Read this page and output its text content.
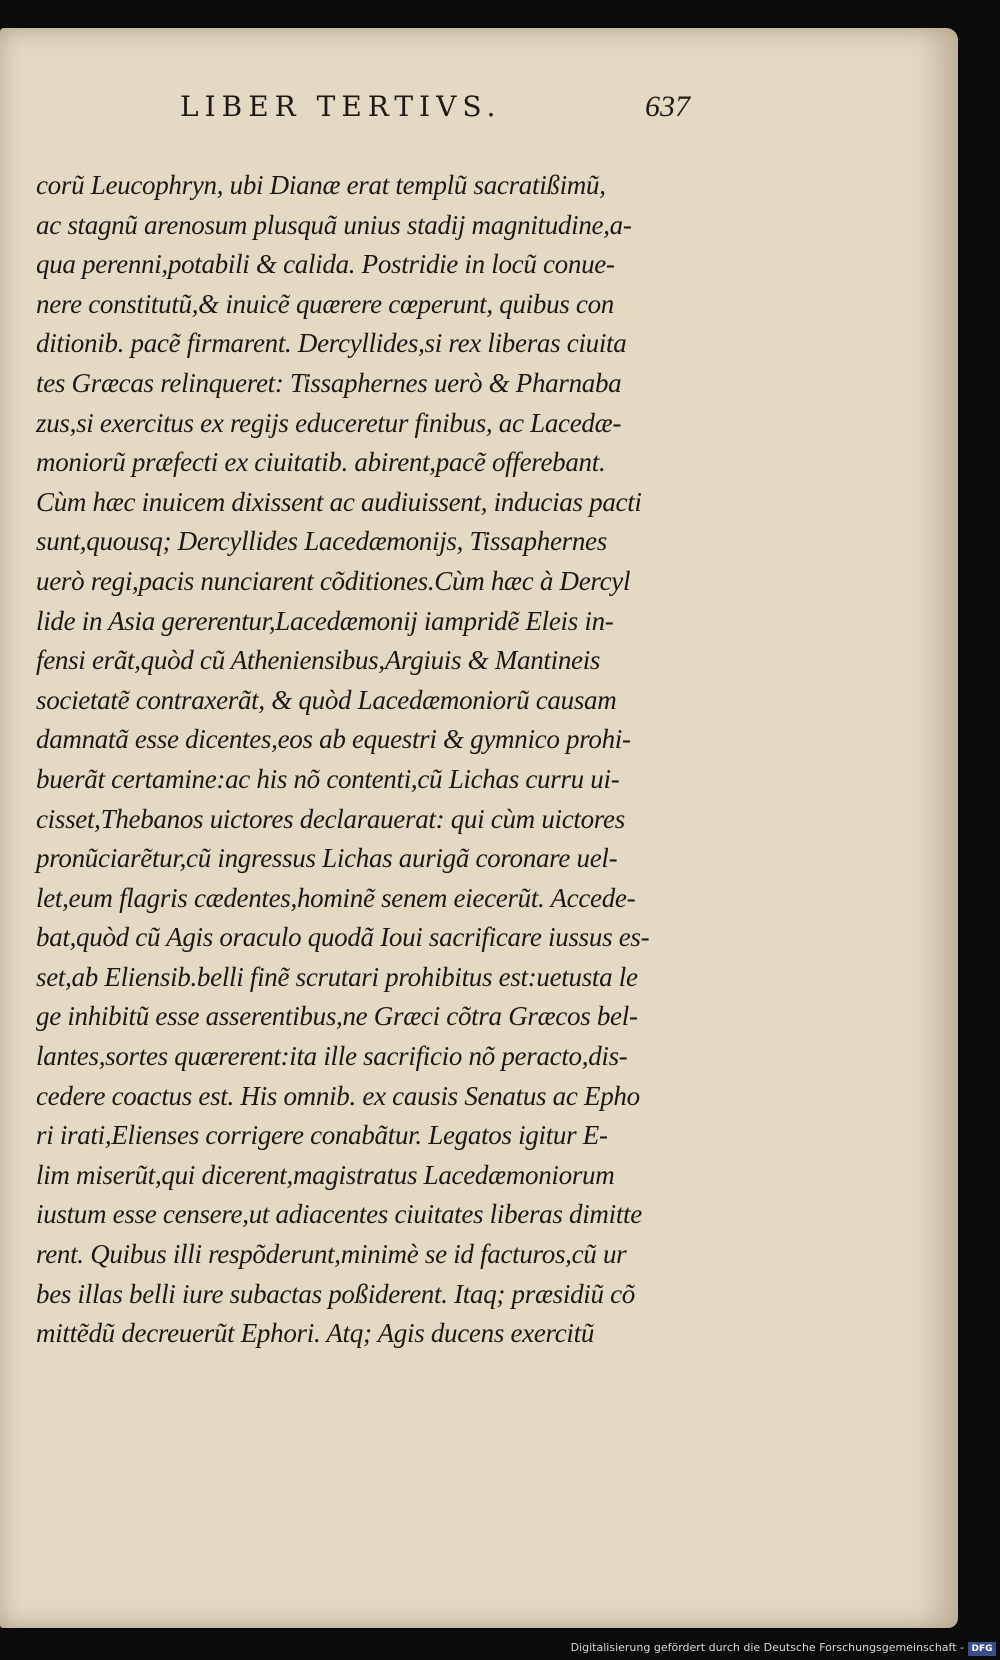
LIBER TERTIVS.	637
corũ Leucophryn, ubi Dianæ erat templũ sacratißimũ,
ac stagnũ arenosum plusquã unius stadij magnitudine,a-
qua perenni,potabili & calida. Postridie in locũ conue-
nere constitutũ,& inuicẽ quærere cœperunt, quibus con
ditionib. pacẽ firmarent. Dercyllides,si rex liberas ciuita
tes Græcas relinqueret: Tissaphernes uerò & Pharnaba
zus,si exercitus ex regijs educeretur finibus, ac Lacedæ-
moniorũ præfecti ex ciuitatib. abirent,pacẽ offerebant.
Cùm hæc inuicem dixissent ac audiuissent, inducias pacti
sunt,quousq; Dercyllides Lacedæmonijs, Tissaphernes
uerò regi,pacis nunciarent cõditiones.Cùm hæc à Dercyl
lide in Asia gererentur,Lacedæmonij iampridẽ Eleis in-
fensi erãt,quòd cũ Atheniensibus,Argiuis & Mantineis
societatẽ contraxerãt, & quòd Lacedæmoniorũ causam
damnatã esse dicentes,eos ab equestri & gymnico prohi-
buerãt certamine:ac his nõ contenti,cũ Lichas curru ui-
cisset,Thebanos uictores declarauerat: qui cùm uictores
pronũciarẽtur,cũ ingressus Lichas aurigã coronare uel-
let,eum flagris cædentes,hominẽ senem eiecerũt. Accede-
bat,quòd cũ Agis oraculo quodã Ioui sacrificare iussus es-
set,ab Eliensib.belli finẽ scrutari prohibitus est:uetusta le
ge inhibitũ esse asserentibus,ne Græci cõtra Græcos bel-
lantes,sortes quærerent:ita ille sacrificio nõ peracto,dis-
cedere coactus est. His omnib. ex causis Senatus ac Epho
ri irati,Elienses corrigere conabãtur. Legatos igitur E-
lim miserũt,qui dicerent,magistratus Lacedæmoniorum
iustum esse censere,ut adiacentes ciuitates liberas dimitte
rent. Quibus illi respõderunt,minimè se id facturos,cũ ur
bes illas belli iure subactas poßiderent. Itaq; præsidiũ cõ
mittẽdũ decreuerũt Ephori. Atq; Agis ducens exercitũ
Digitalisierung gefördert durch die Deutsche Forschungsgemeinschaft - DFG
